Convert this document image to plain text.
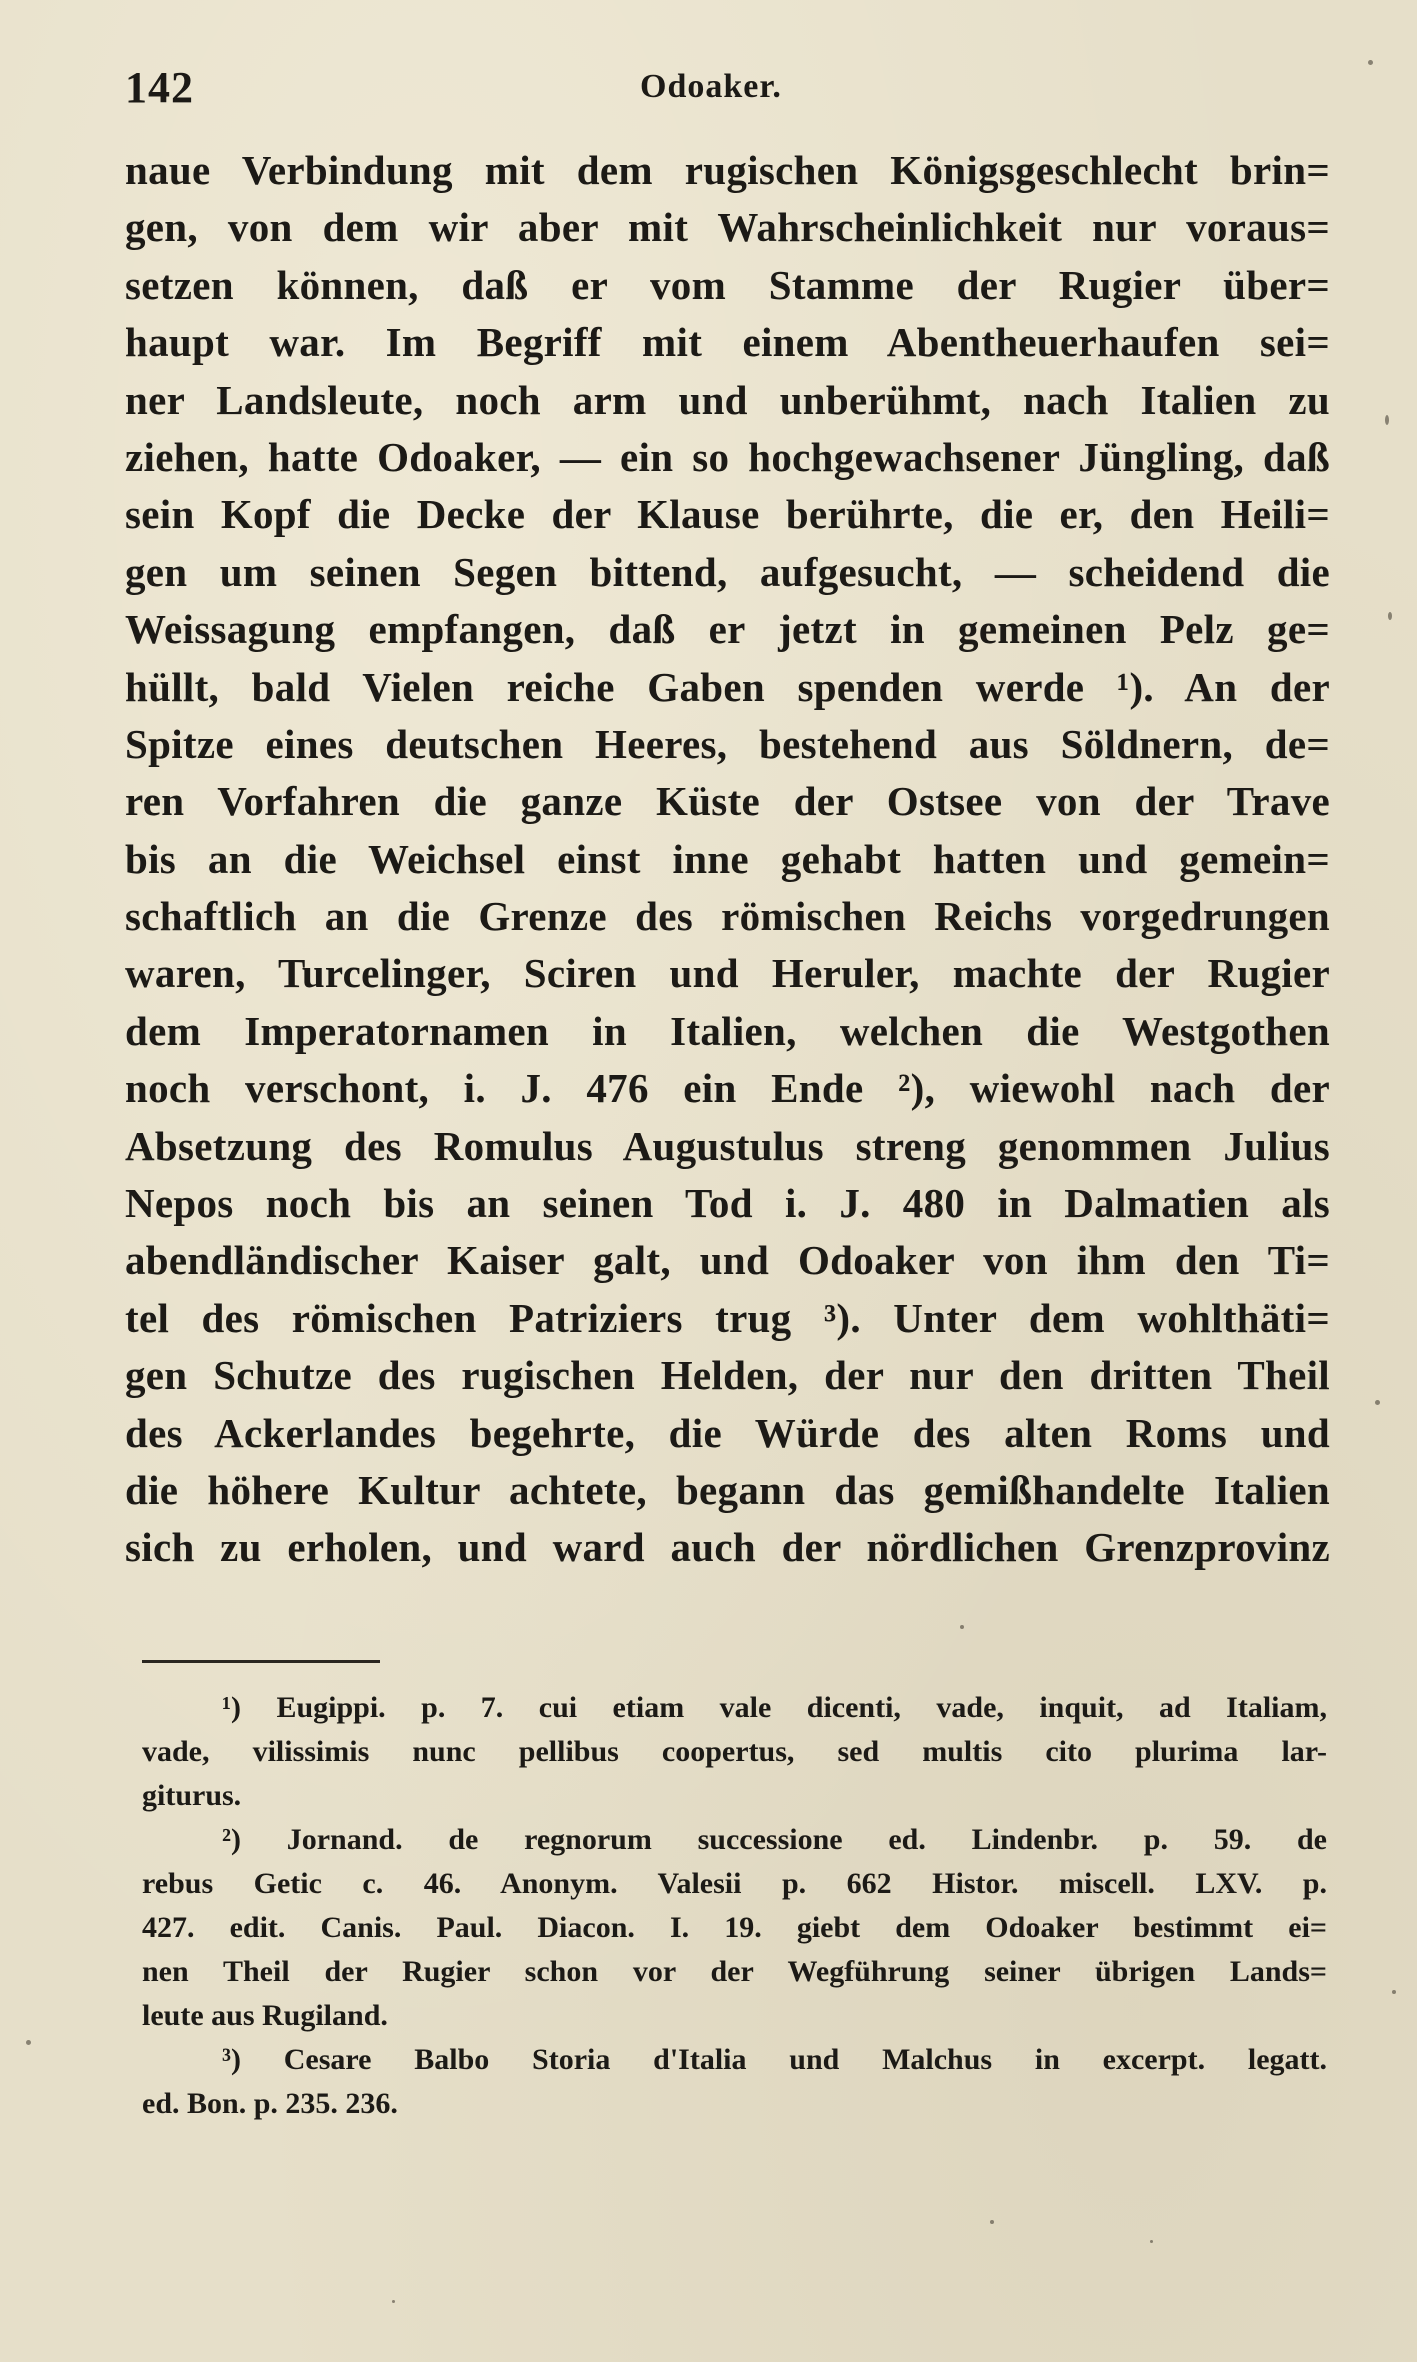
142	Odoaker.
naue Verbindung mit dem rugischen Königsgeschlecht brin=
gen, von dem wir aber mit Wahrscheinlichkeit nur voraus=
setzen können, daß er vom Stamme der Rugier über=
haupt war. Im Begriff mit einem Abentheuerhaufen sei=
ner Landsleute, noch arm und unberühmt, nach Italien zu
ziehen, hatte Odoaker, — ein so hochgewachsener Jüngling, daß
sein Kopf die Decke der Klause berührte, die er, den Heili=
gen um seinen Segen bittend, aufgesucht, — scheidend die
Weissagung empfangen, daß er jetzt in gemeinen Pelz ge=
hüllt, bald Vielen reiche Gaben spenden werde ¹). An der
Spitze eines deutschen Heeres, bestehend aus Söldnern, de=
ren Vorfahren die ganze Küste der Ostsee von der Trave
bis an die Weichsel einst inne gehabt hatten und gemein=
schaftlich an die Grenze des römischen Reichs vorgedrungen
waren, Turcelinger, Sciren und Heruler, machte der Rugier
dem Imperatornamen in Italien, welchen die Westgothen
noch verschont, i. J. 476 ein Ende ²), wiewohl nach der
Absetzung des Romulus Augustulus streng genommen Julius
Nepos noch bis an seinen Tod i. J. 480 in Dalmatien als
abendländischer Kaiser galt, und Odoaker von ihm den Ti=
tel des römischen Patriziers trug ³). Unter dem wohlthäti=
gen Schutze des rugischen Helden, der nur den dritten Theil
des Ackerlandes begehrte, die Würde des alten Roms und
die höhere Kultur achtete, begann das gemißhandelte Italien
sich zu erholen, und ward auch der nördlichen Grenzprovinz
¹) Eugippi. p. 7. cui etiam vale dicenti, vade, inquit, ad Italiam,
vade, vilissimis nunc pellibus coopertus, sed multis cito plurima lar-
giturus.
²) Jornand. de regnorum successione ed. Lindenbr. p. 59. de
rebus Getic c. 46. Anonym. Valesii p. 662 Histor. miscell. LXV. p.
427. edit. Canis. Paul. Diacon. I. 19. giebt dem Odoaker bestimmt ei=
nen Theil der Rugier schon vor der Wegführung seiner übrigen Lands=
leute aus Rugiland.
³) Cesare Balbo Storia d'Italia und Malchus in excerpt. legatt.
ed. Bon. p. 235. 236.
